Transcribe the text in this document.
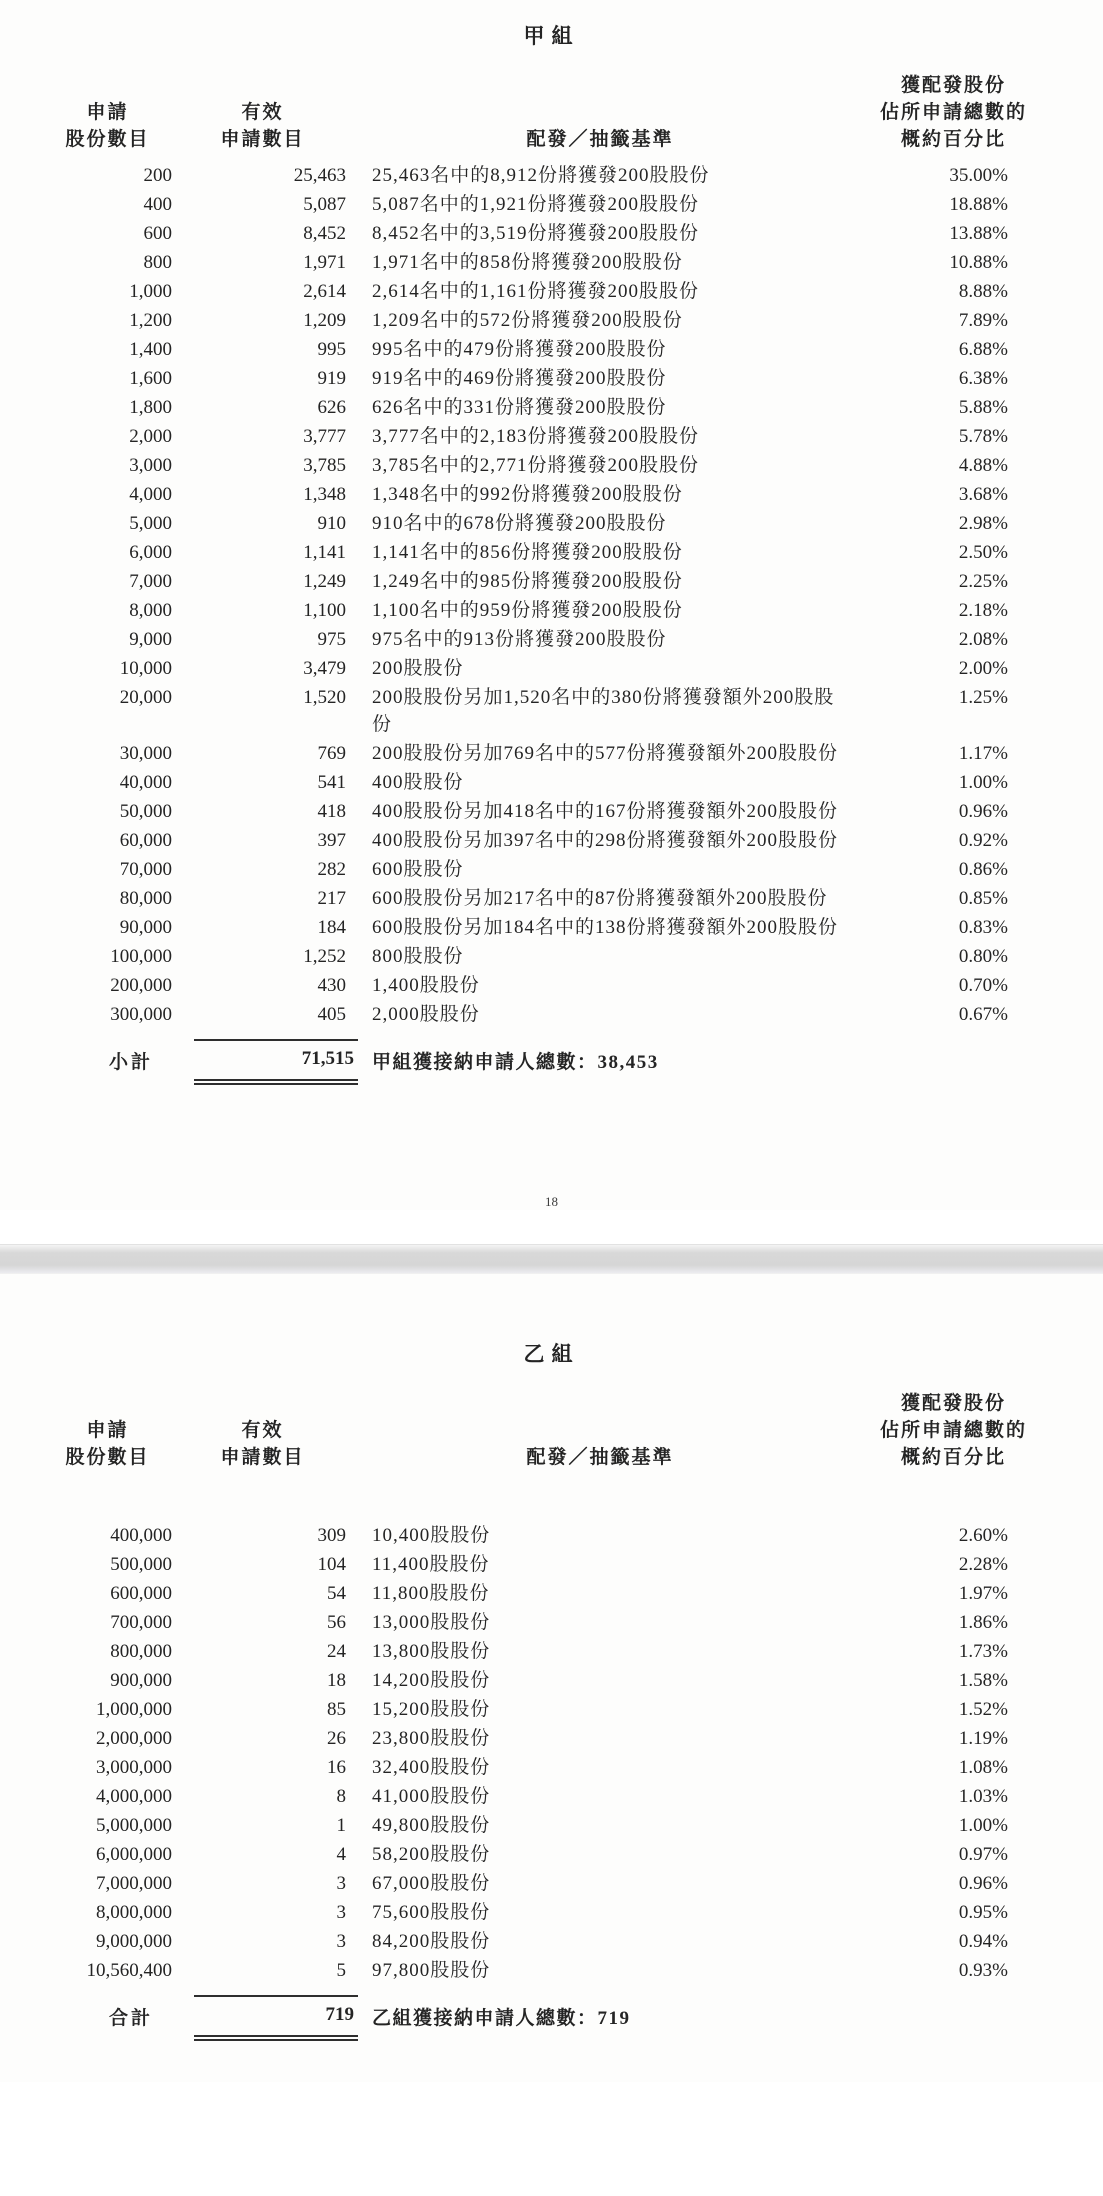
甲組
申請
股份數目	有效
申請數目	配發／抽籤基準	獲配發股份
佔所申請總數的
概約百分比
200	25,463	25,463名中的8,912份將獲發200股股份	35.00%
400	5,087	5,087名中的1,921份將獲發200股股份	18.88%
600	8,452	8,452名中的3,519份將獲發200股股份	13.88%
800	1,971	1,971名中的858份將獲發200股股份	10.88%
1,000	2,614	2,614名中的1,161份將獲發200股股份	8.88%
1,200	1,209	1,209名中的572份將獲發200股股份	7.89%
1,400	995	995名中的479份將獲發200股股份	6.88%
1,600	919	919名中的469份將獲發200股股份	6.38%
1,800	626	626名中的331份將獲發200股股份	5.88%
2,000	3,777	3,777名中的2,183份將獲發200股股份	5.78%
3,000	3,785	3,785名中的2,771份將獲發200股股份	4.88%
4,000	1,348	1,348名中的992份將獲發200股股份	3.68%
5,000	910	910名中的678份將獲發200股股份	2.98%
6,000	1,141	1,141名中的856份將獲發200股股份	2.50%
7,000	1,249	1,249名中的985份將獲發200股股份	2.25%
8,000	1,100	1,100名中的959份將獲發200股股份	2.18%
9,000	975	975名中的913份將獲發200股股份	2.08%
10,000	3,479	200股股份	2.00%
20,000	1,520	200股股份另加1,520名中的380份將獲發額外200股股份	1.25%
30,000	769	200股股份另加769名中的577份將獲發額外200股股份	1.17%
40,000	541	400股股份	1.00%
50,000	418	400股股份另加418名中的167份將獲發額外200股股份	0.96%
60,000	397	400股股份另加397名中的298份將獲發額外200股股份	0.92%
70,000	282	600股股份	0.86%
80,000	217	600股股份另加217名中的87份將獲發額外200股股份	0.85%
90,000	184	600股股份另加184名中的138份將獲發額外200股股份	0.83%
100,000	1,252	800股股份	0.80%
200,000	430	1,400股股份	0.70%
300,000	405	2,000股股份	0.67%
小計	71,515	甲組獲接納申請人總數：38,453	
18
乙組
申請
股份數目	有效
申請數目	配發／抽籤基準	獲配發股份
佔所申請總數的
概約百分比
400,000	309	10,400股股份	2.60%
500,000	104	11,400股股份	2.28%
600,000	54	11,800股股份	1.97%
700,000	56	13,000股股份	1.86%
800,000	24	13,800股股份	1.73%
900,000	18	14,200股股份	1.58%
1,000,000	85	15,200股股份	1.52%
2,000,000	26	23,800股股份	1.19%
3,000,000	16	32,400股股份	1.08%
4,000,000	8	41,000股股份	1.03%
5,000,000	1	49,800股股份	1.00%
6,000,000	4	58,200股股份	0.97%
7,000,000	3	67,000股股份	0.96%
8,000,000	3	75,600股股份	0.95%
9,000,000	3	84,200股股份	0.94%
10,560,400	5	97,800股股份	0.93%
合計	719	乙組獲接納申請人總數：719	
